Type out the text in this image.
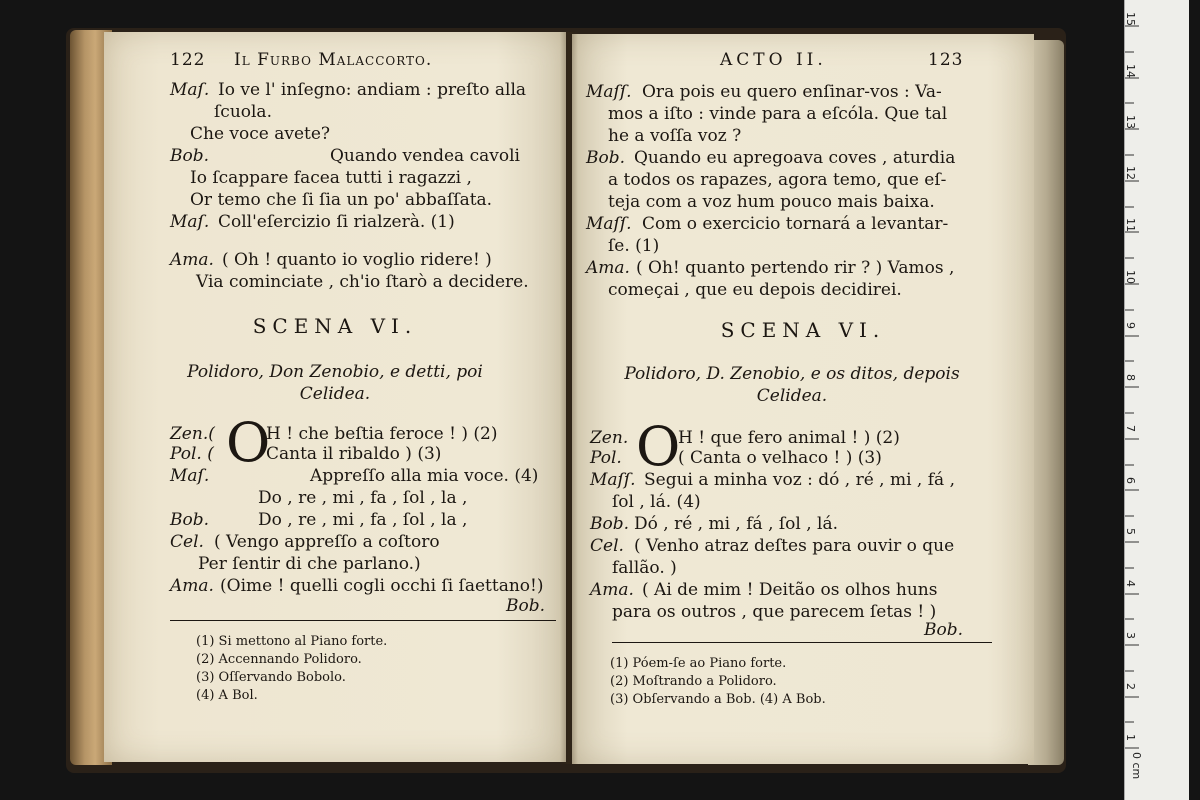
122 Il Furbo Malaccorto.
Maſ. Io ve l' inſegno: andiam : preſto alla
ſcuola.
Che voce avete?
Bob.	Quando vendea cavoli
Io ſcappare facea tutti i ragazzi ,
Or temo che ſi ſia un po' abbaſſata.
Maſ. Coll'eſercizio ſi rialzerà. (1)
Ama. ( Oh ! quanto io voglio ridere! )
Via cominciate , ch'io ſtarò a decidere.
SCENA VI.
Polidoro, Don Zenobio, e detti, poi
Celidea.
O
Zen.(	H ! che beſtia feroce ! ) (2)
Pol. (	Canta il ribaldo ) (3)
Maſ.	Appreſſo alla mia voce. (4)
Do , re , mi , fa , ſol , la ,
Bob.	Do , re , mi , fa , ſol , la ,
Cel. ( Vengo appreſſo a coſtoro
Per ſentir di che parlano.)
Ama. (Oime ! quelli cogli occhi ſi ſaettano!)
Bob.
(1) Si mettono al Piano forte.
(2) Accennando Polidoro.
(3) Oſſervando Bobolo.
(4) A Bol.
ACTO II.	123
Maſſ. Ora pois eu quero enſinar-vos : Va-
mos a iſto : vinde para a eſcóla. Que tal
he a voſſa voz ?
Bob. Quando eu apregoava coves , aturdia
a todos os rapazes, agora temo, que eſ-
teja com a voz hum pouco mais baixa.
Maſſ. Com o exercicio tornará a levantar-
ſe. (1)
Ama. ( Oh! quanto pertendo rir ? ) Vamos ,
começai , que eu depois decidirei.
SCENA VI.
Polidoro, D. Zenobio, e os ditos, depois
Celidea.
O
Zen.	H ! que fero animal ! ) (2)
Pol.	( Canta o velhaco ! ) (3)
Maſſ. Segui a minha voz : dó , ré , mi , fá ,
ſol , lá. (4)
Bob. Dó , ré , mi , fá , ſol , lá.
Cel. ( Venho atraz deſtes para ouvir o que
fallão. )
Ama. ( Ai de mim ! Deitão os olhos huns
para os outros , que parecem ſetas ! )
Bob.
(1) Póem-ſe ao Piano forte.
(2) Moſtrando a Polidoro.
(3) Obſervando a Bob. (4) A Bob.
0 cm
1
2
3
4
5
6
7
8
9
10
11
12
13
14
15
